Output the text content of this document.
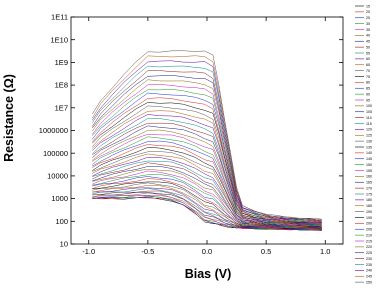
-1.0	-0.5	0.0	0.5	1.0
10
100
1000
10000
100000
1000000
1E7
1E8
1E9
1E10
1E11
Bias (V)
Resistance (Ω)
15
20
25
30
35
40
45
50
55
60
65
70
75
80
85
90
95
100
105
110
115
120
125
130
135
140
145
150
155
160
165
170
175
180
185
190
195
200
205
210
215
220
225
230
235
240
245
250
